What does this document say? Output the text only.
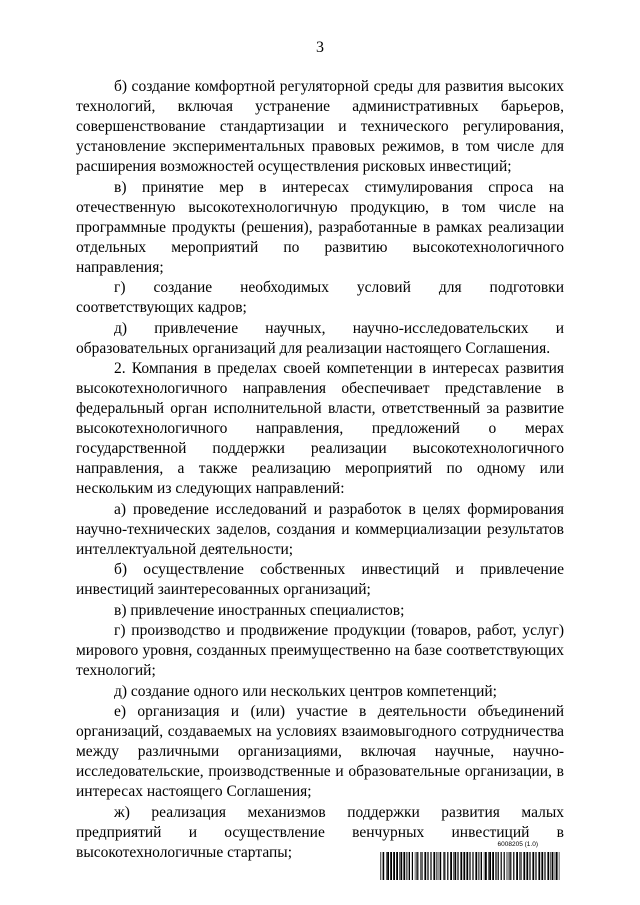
3

б) создание комфортной регуляторной среды для развития высоких технологий, включая устранение административных барьеров, совершенствование стандартизации и технического регулирования, установление экспериментальных правовых режимов, в том числе для расширения возможностей осуществления рисковых инвестиций;

в) принятие мер в интересах стимулирования спроса на отечественную высокотехнологичную продукцию, в том числе на программные продукты (решения), разработанные в рамках реализации отдельных мероприятий по развитию высокотехнологичного направления;

г) создание необходимых условий для подготовки соответствующих кадров;

д) привлечение научных, научно-исследовательских и образовательных организаций для реализации настоящего Соглашения.

2. Компания в пределах своей компетенции в интересах развития высокотехнологичного направления обеспечивает представление в федеральный орган исполнительной власти, ответственный за развитие высокотехнологичного направления, предложений о мерах государственной поддержки реализации высокотехнологичного направления, а также реализацию мероприятий по одному или нескольким из следующих направлений:

а) проведение исследований и разработок в целях формирования научно-технических заделов, создания и коммерциализации результатов интеллектуальной деятельности;

б) осуществление собственных инвестиций и привлечение инвестиций заинтересованных организаций;

в) привлечение иностранных специалистов;

г) производство и продвижение продукции (товаров, работ, услуг) мирового уровня, созданных преимущественно на базе соответствующих технологий;

д) создание одного или нескольких центров компетенций;

е) организация и (или) участие в деятельности объединений организаций, создаваемых на условиях взаимовыгодного сотрудничества между различными организациями, включая научные, научно-исследовательские, производственные и образовательные организации, в интересах настоящего Соглашения;

ж) реализация механизмов поддержки развития малых предприятий и осуществление венчурных инвестиций в высокотехнологичные стартапы;	6008205 (1.0)
